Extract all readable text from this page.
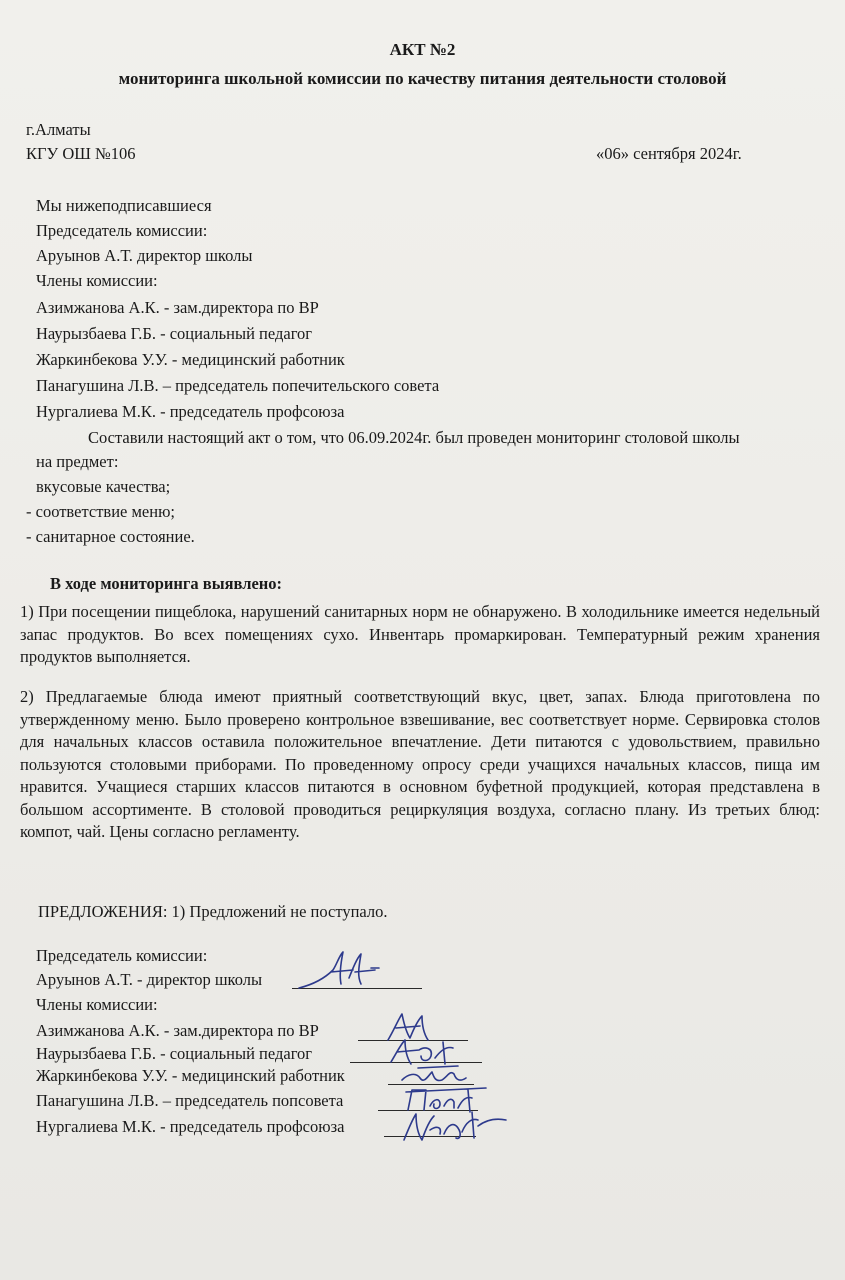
АКТ №2
мониторинга школьной комиссии по качеству питания деятельности столовой
г.Алматы
КГУ ОШ №106	«06» сентября 2024г.
Мы нижеподписавшиеся
Председатель комиссии:
Аруынов А.Т. директор школы
Члены комиссии:
Азимжанова А.К. - зам.директора по ВР
Наурызбаева Г.Б. - социальный педагог
Жаркинбекова У.У. - медицинский работник
Панагушина Л.В. – председатель попечительского совета
Нургалиева М.К. - председатель профсоюза
Составили настоящий акт о том, что 06.09.2024г. был проведен мониторинг столовой школы
на предмет:
вкусовые качества;
- соответствие меню;
- санитарное состояние.
В ходе мониторинга выявлено:
1) При посещении пищеблока, нарушений санитарных норм не обнаружено. В холодильнике имеется недельный запас продуктов. Во всех помещениях сухо. Инвентарь промаркирован. Температурный режим хранения продуктов выполняется.
2) Предлагаемые блюда имеют приятный соответствующий вкус, цвет, запах. Блюда приготовлена по утвержденному меню. Было проверено контрольное взвешивание, вес соответствует норме. Сервировка столов для начальных классов оставила положительное впечатление. Дети питаются с удовольствием, правильно пользуются столовыми приборами. По проведенному опросу среди учащихся начальных классов, пища им нравится. Учащиеся старших классов питаются в основном буфетной продукцией, которая представлена в большом ассортименте. В столовой проводиться рециркуляция воздуха, согласно плану. Из третьих блюд: компот, чай. Цены согласно регламенту.
ПРЕДЛОЖЕНИЯ: 1) Предложений не поступало.
Председатель комиссии:
Аруынов А.Т. - директор школы
Члены комиссии:
Азимжанова А.К. - зам.директора по ВР
Наурызбаева Г.Б. - социальный педагог
Жаркинбекова У.У. - медицинский работник
Панагушина Л.В. – председатель попсовета
Нургалиева М.К. - председатель профсоюза
